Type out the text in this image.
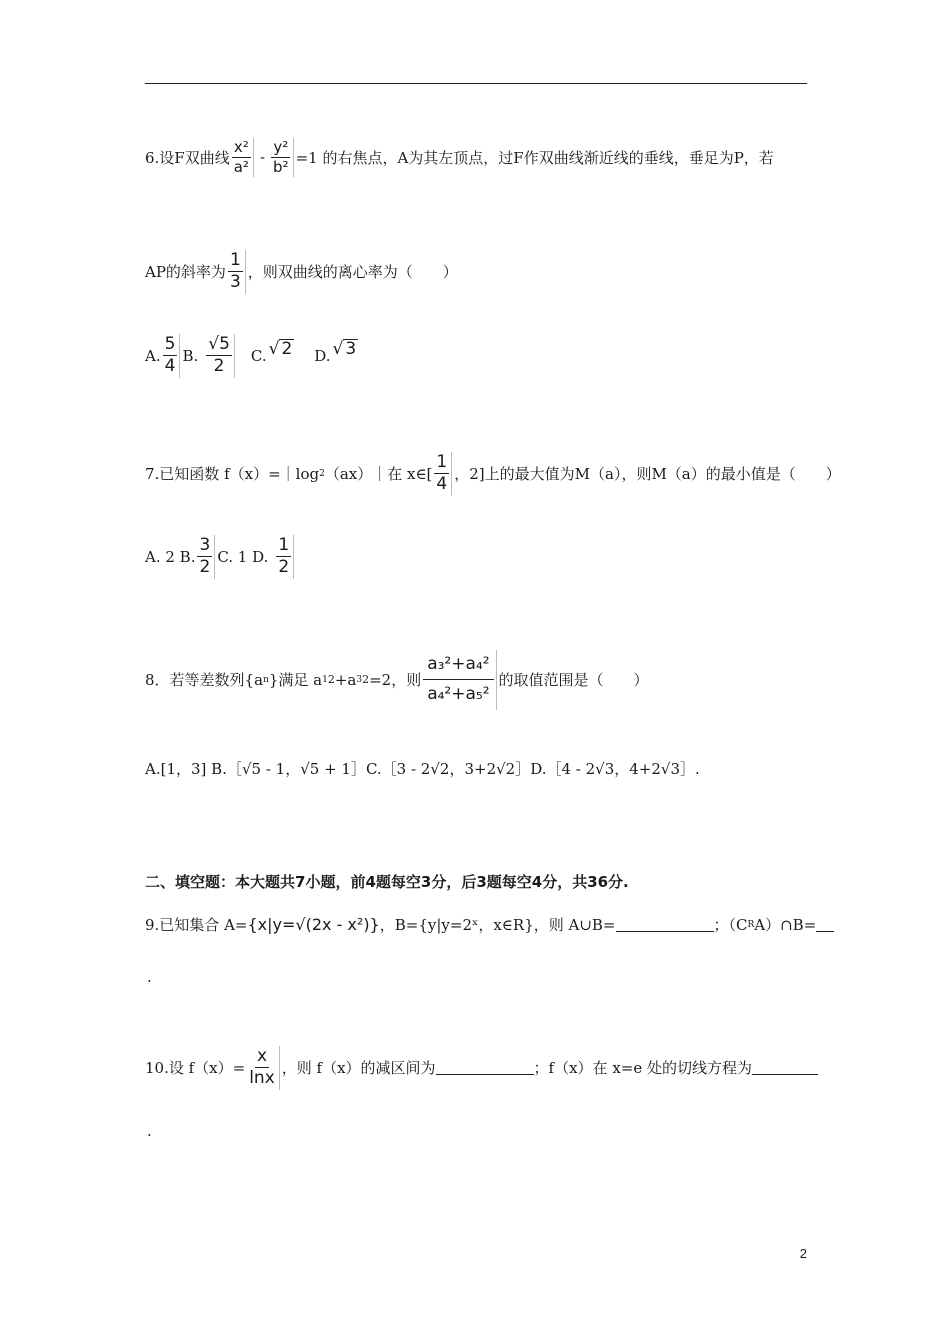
6.设F双曲线 $\frac{\text{x²}}{\text{a²}} - \frac{\text{y²}}{\text{b²}} =1$ 的右焦点，A为其左顶点，过F作双曲线渐近线的垂线，垂足为P，若
AP的斜率为 $\frac{1}{3}$ ，则双曲线的离心率为（　　）
A. $\frac{5}{4} B$. $\frac{√5}{2} C$. √ 2 D. √ 3
7.已知函数 f（x）=｜log 2 （ax）｜在 x∈[ $\frac{1}{4}$ ，2]上的最大值为M（a），则M（a）的最小值是（　　）
A. 2 B. $\frac{3}{2} C$. 1 D. $\frac{1}{2}$
8．若等差数列{a n }满足 a 1 2 +a 3 2 =2，则 $\frac{\text{a₃²+a₄²}}{\text{a₄²+a₅²}}$ 的取值范围是（　　）
A.[1，3] B.［√5 - 1，√5 + 1］C.［3 - 2√2，3+2√2］D.［4 - 2√3，4+2√3］.
二、填空题：本大题共7小题，前4题每空3分，后3题每空4分，共36分.
9.已知集合 A= {x|y=√(2x - x²)} ，B={y|y=2ˣ，x∈R}，则 A∪B=	；（C R A）∩B=
.
10.设 $f(x)= \frac{x}{\ln x}$ ，则 f（x）的减区间为	；f（x）在 x=e 处的切线方程为
.
2
